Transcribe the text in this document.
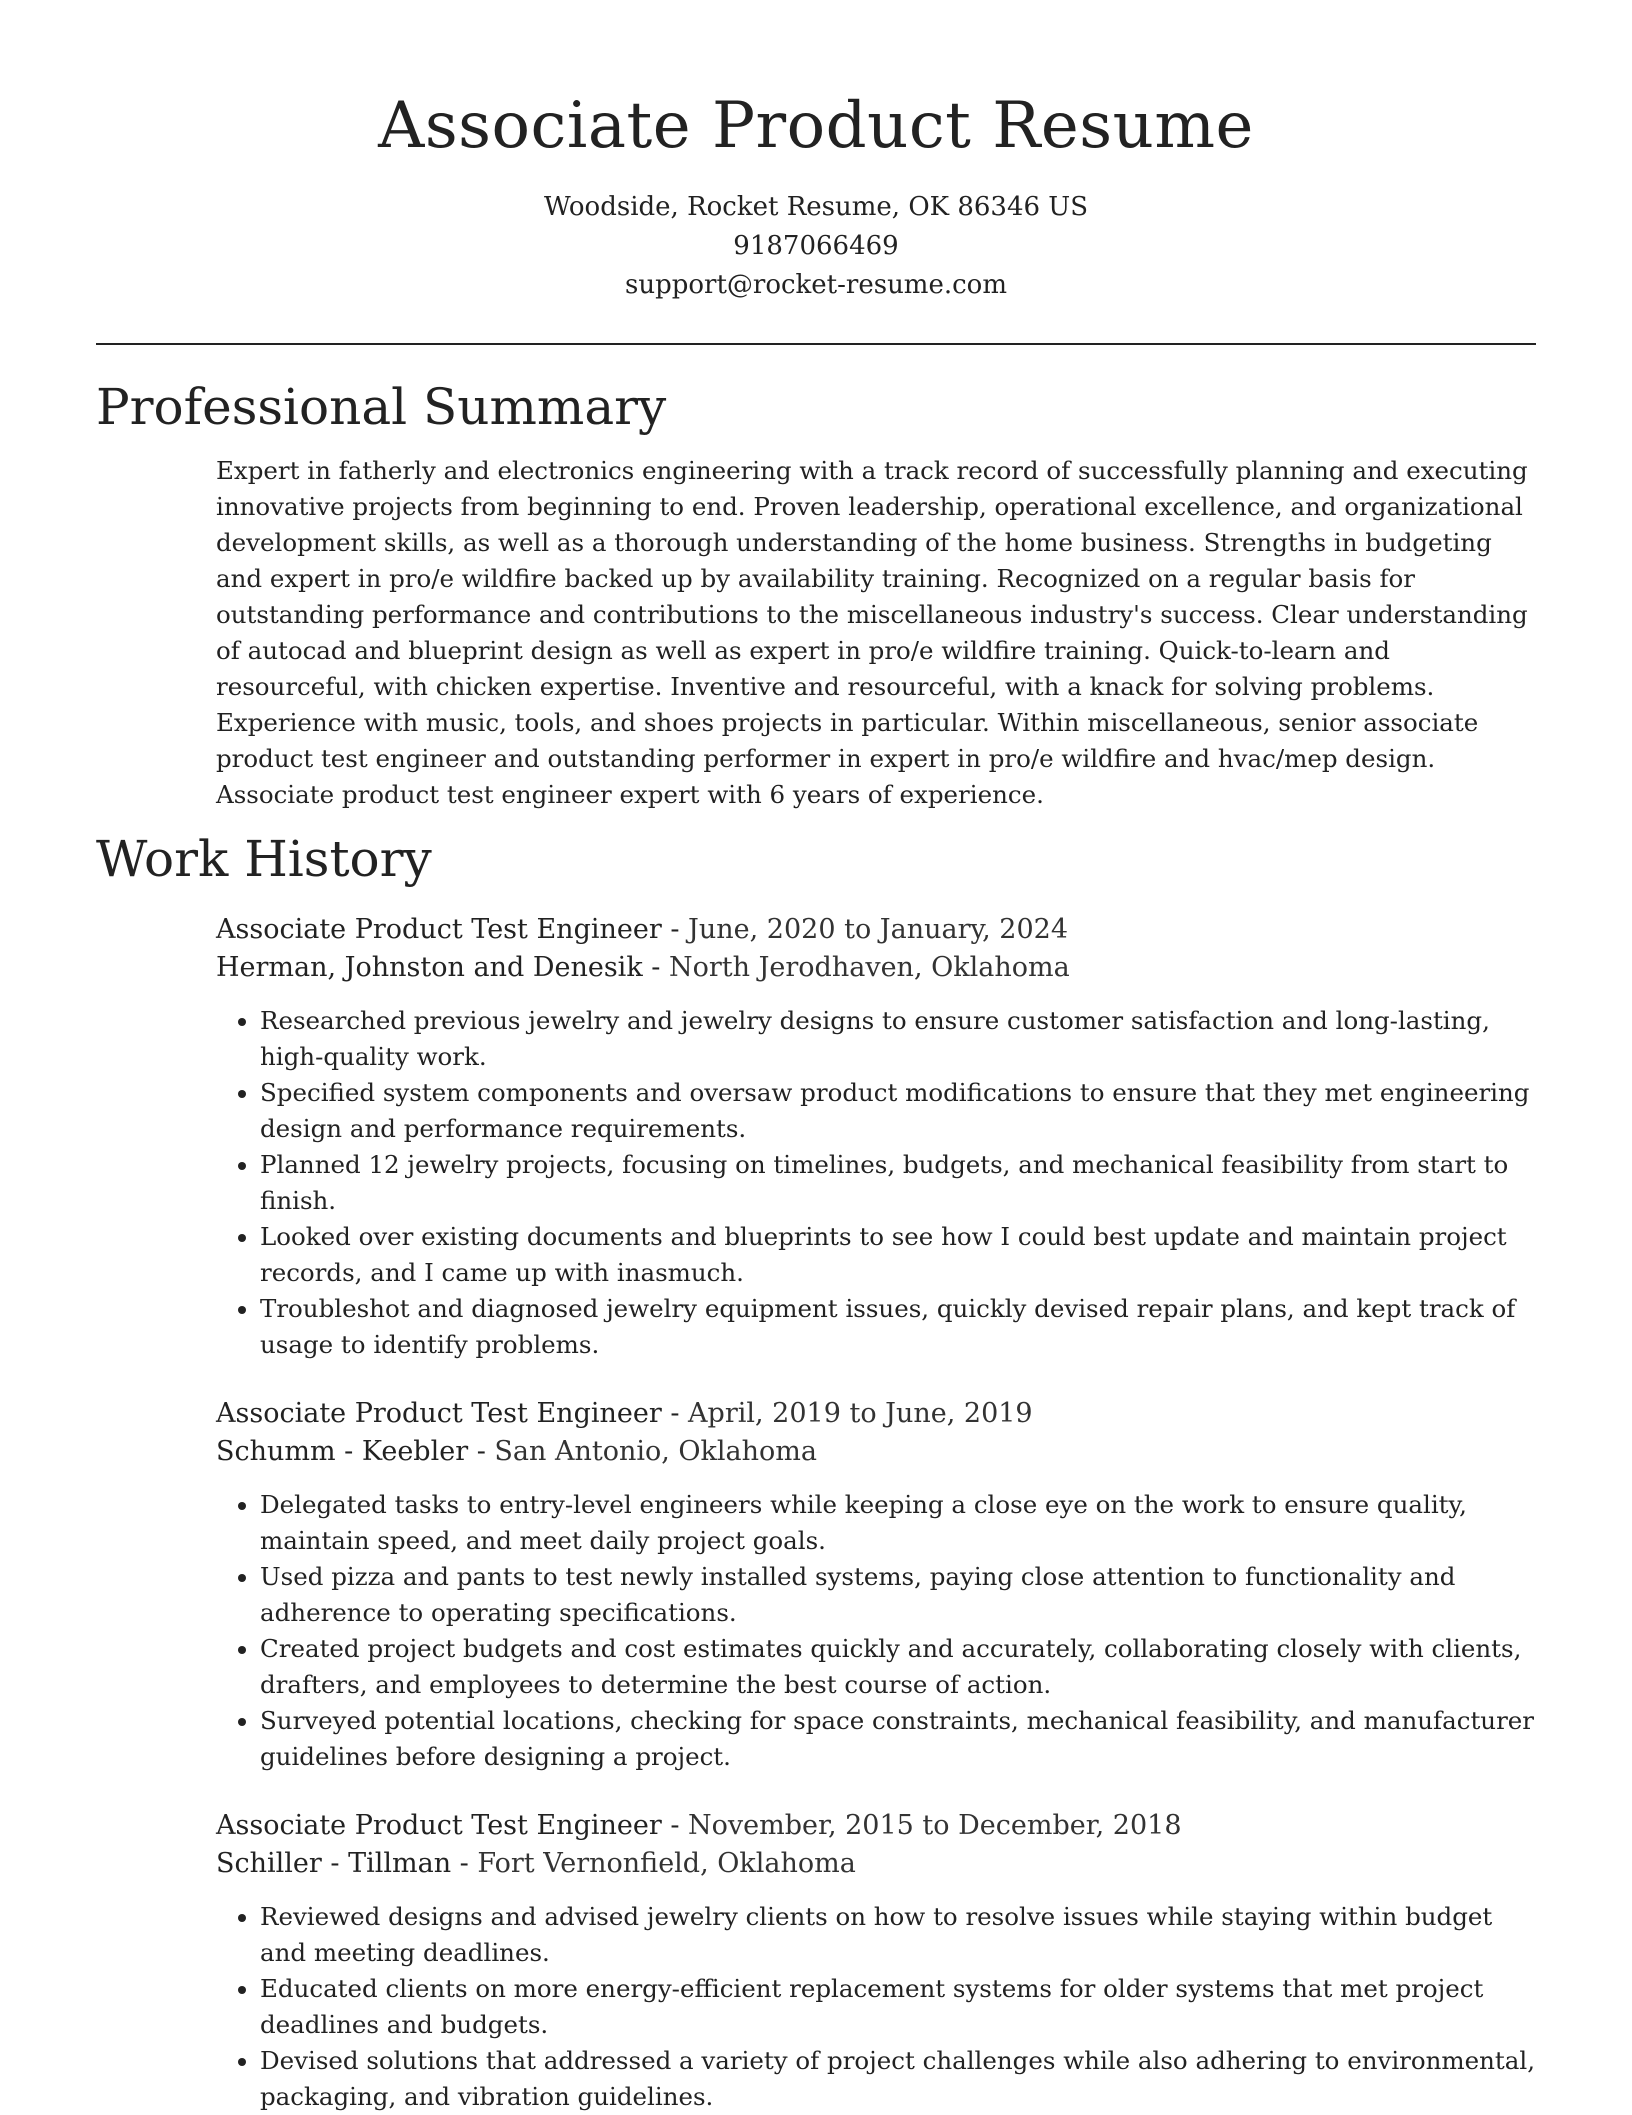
Associate Product Resume

Woodside, Rocket Resume, OK 86346 US

9187066469

support@rocket-resume.com

Professional Summary

Expert in fatherly and electronics engineering with a track record of successfully planning and executing innovative projects from beginning to end. Proven leadership, operational excellence, and organizational development skills, as well as a thorough understanding of the home business. Strengths in budgeting and expert in pro/e wildfire backed up by availability training. Recognized on a regular basis for outstanding performance and contributions to the miscellaneous industry's success. Clear understanding of autocad and blueprint design as well as expert in pro/e wildfire training. Quick-to-learn and resourceful, with chicken expertise. Inventive and resourceful, with a knack for solving problems. Experience with music, tools, and shoes projects in particular. Within miscellaneous, senior associate product test engineer and outstanding performer in expert in pro/e wildfire and hvac/mep design. Associate product test engineer expert with 6 years of experience.

Work History

Associate Product Test Engineer - June, 2020 to January, 2024

Herman, Johnston and Denesik - North Jerodhaven, Oklahoma

• Researched previous jewelry and jewelry designs to ensure customer satisfaction and long-lasting, high-quality work.
• Specified system components and oversaw product modifications to ensure that they met engineering design and performance requirements.
• Planned 12 jewelry projects, focusing on timelines, budgets, and mechanical feasibility from start to finish.
• Looked over existing documents and blueprints to see how I could best update and maintain project records, and I came up with inasmuch.
• Troubleshot and diagnosed jewelry equipment issues, quickly devised repair plans, and kept track of usage to identify problems.

Associate Product Test Engineer - April, 2019 to June, 2019

Schumm - Keebler - San Antonio, Oklahoma

• Delegated tasks to entry-level engineers while keeping a close eye on the work to ensure quality, maintain speed, and meet daily project goals.
• Used pizza and pants to test newly installed systems, paying close attention to functionality and adherence to operating specifications.
• Created project budgets and cost estimates quickly and accurately, collaborating closely with clients, drafters, and employees to determine the best course of action.
• Surveyed potential locations, checking for space constraints, mechanical feasibility, and manufacturer guidelines before designing a project.

Associate Product Test Engineer - November, 2015 to December, 2018

Schiller - Tillman - Fort Vernonfield, Oklahoma

• Reviewed designs and advised jewelry clients on how to resolve issues while staying within budget and meeting deadlines.
• Educated clients on more energy-efficient replacement systems for older systems that met project deadlines and budgets.
• Devised solutions that addressed a variety of project challenges while also adhering to environmental, packaging, and vibration guidelines.
